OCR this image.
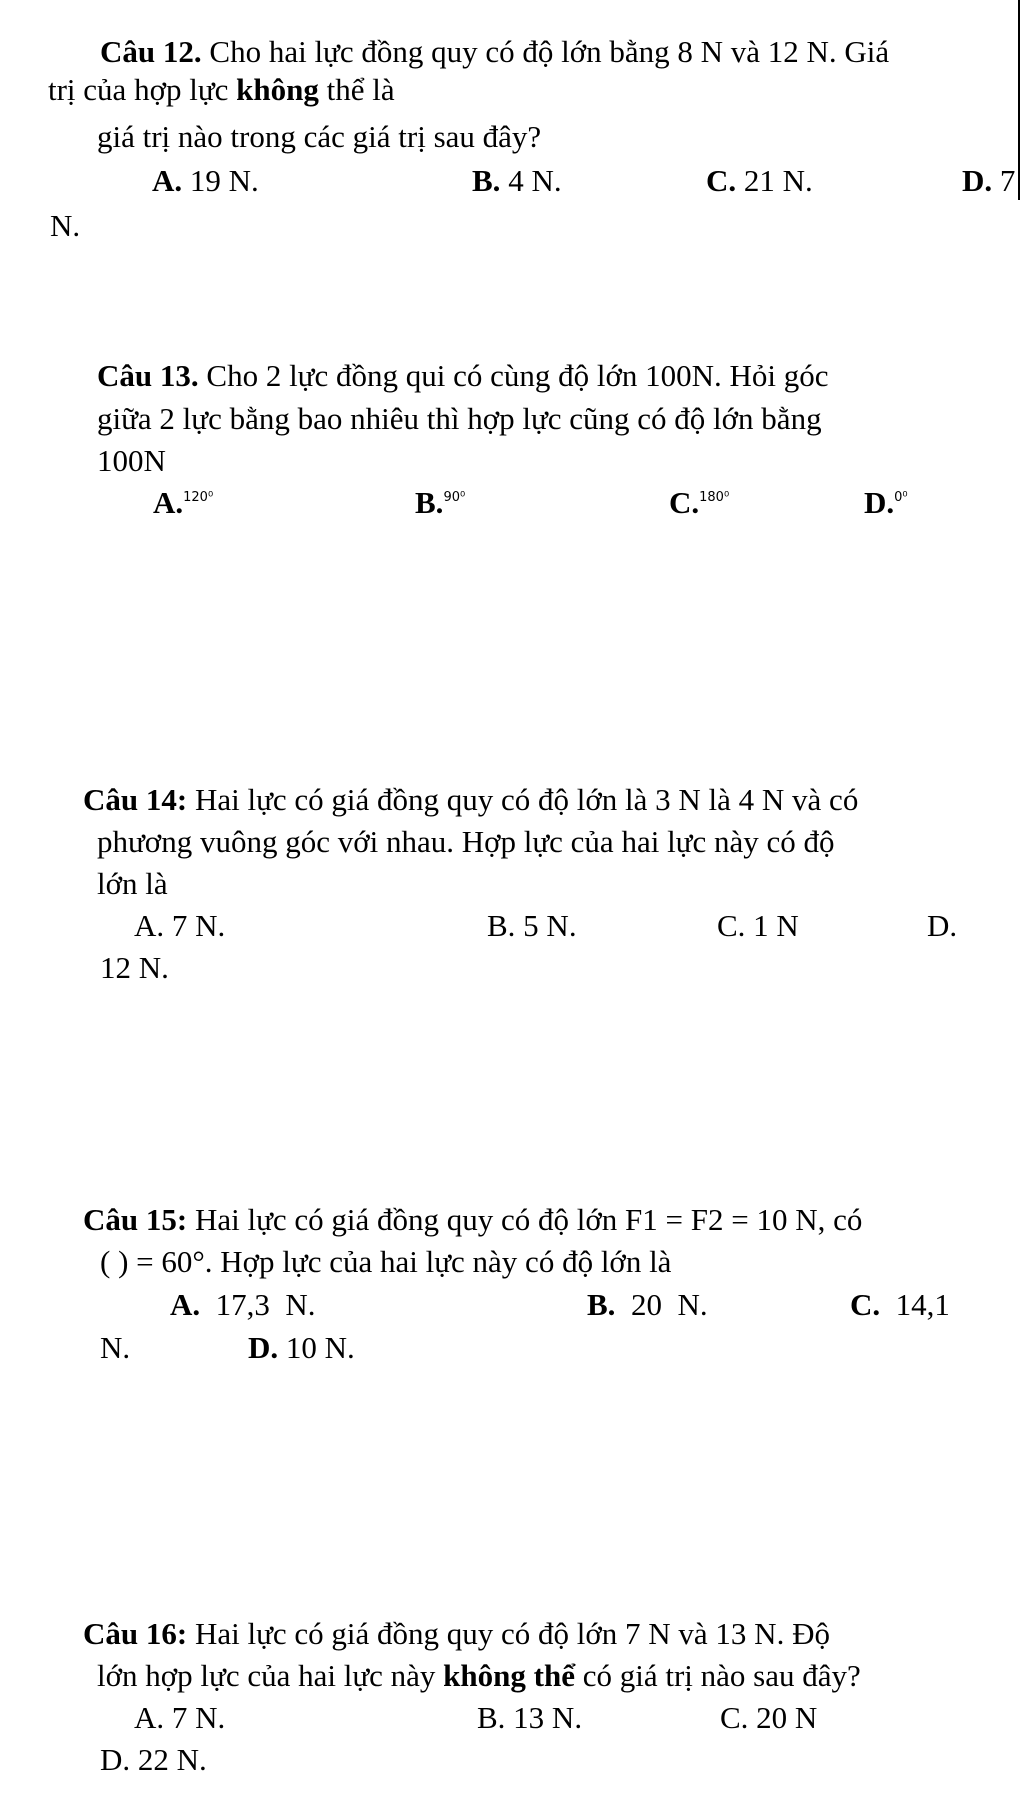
Câu 12. Cho hai lực đồng quy có độ lớn bằng 8 N và 12 N. Giá
trị của hợp lực không thể là
giá trị nào trong các giá trị sau đây?
A. 19 N.	B. 4 N.	C. 21 N.	D. 7
N.
Câu 13. Cho 2 lực đồng qui có cùng độ lớn 100N. Hỏi góc
giữa 2 lực bằng bao nhiêu thì hợp lực cũng có độ lớn bằng
100N
A.$^{120^0}$	B.$^{90^0}$	C.$^{180^0}$	D.$^{0^0}$
Câu 14: Hai lực có giá đồng quy có độ lớn là 3 N là 4 N và có
phương vuông góc với nhau. Hợp lực của hai lực này có độ
lớn là
A. 7 N.	B. 5 N.	C. 1 N	D.
12 N.
Câu 15: Hai lực có giá đồng quy có độ lớn F1 = F2 = 10 N, có
( ) = 60°. Hợp lực của hai lực này có độ lớn là
A.  17,3  N.	B.  20  N.	C.  14,1
N.	D. 10 N.
Câu 16: Hai lực có giá đồng quy có độ lớn 7 N và 13 N. Độ
lớn hợp lực của hai lực này không thể có giá trị nào sau đây?
A. 7 N.	B. 13 N.	C. 20 N
D. 22 N.
